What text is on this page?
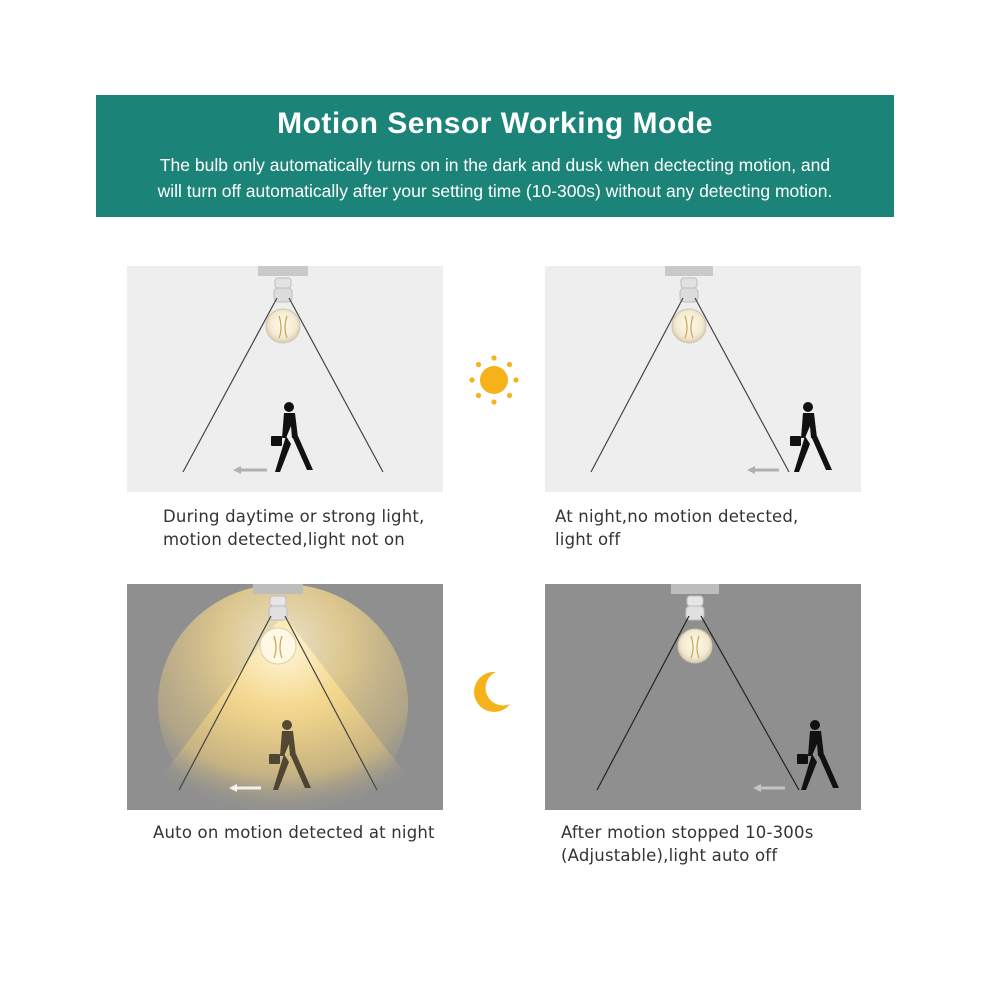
Motion Sensor Working Mode
The bulb only automatically turns on in the dark and dusk when dectecting motion, and
will turn off automatically after your setting time (10-300s) without any detecting motion.
During daytime or strong light,
motion detected,light not on
At night,no motion detected,
light off
Auto on motion detected at night	After motion stopped 10-300s
(Adjustable),light auto off
